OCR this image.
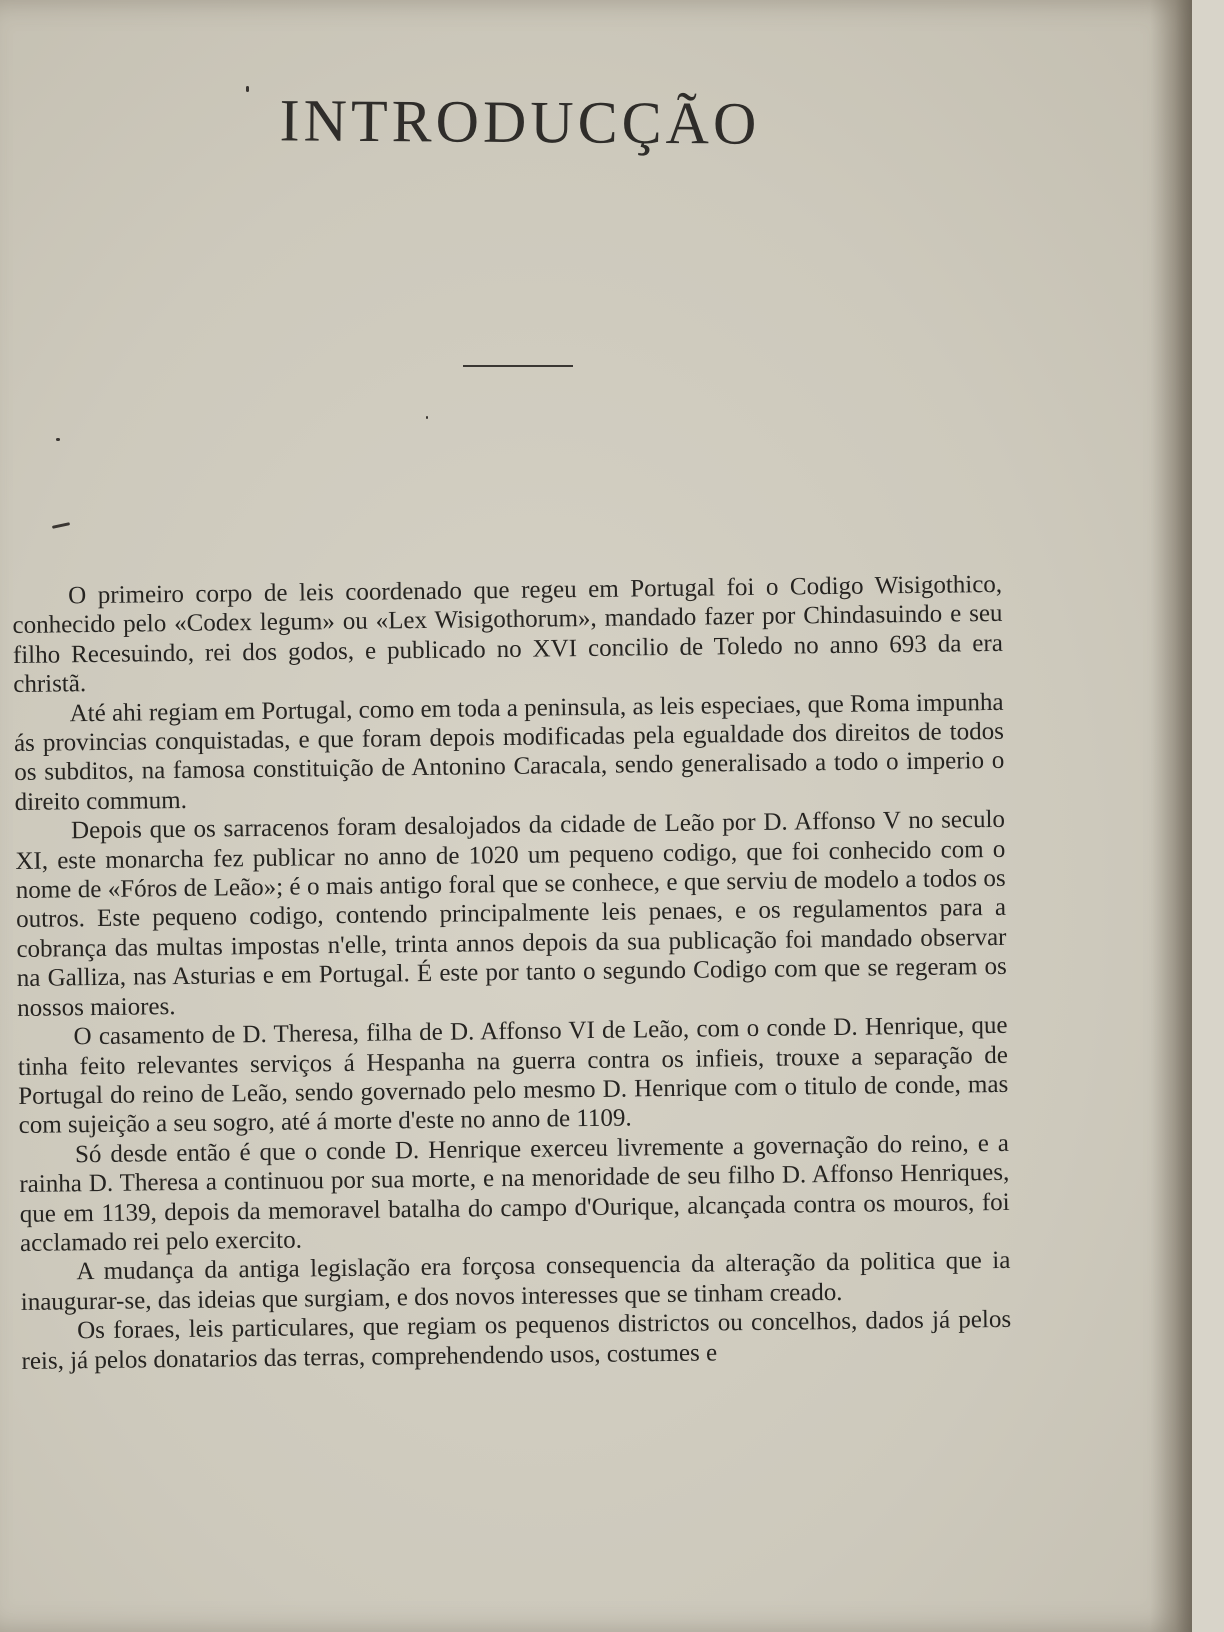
INTRODUCÇÃO

O primeiro corpo de leis coordenado que regeu em Portugal foi o Codigo Wisigothico, conhecido pelo «Codex legum» ou «Lex Wisigothorum», mandado fazer por Chindasuindo e seu filho Recesuindo, rei dos godos, e publicado no XVI concilio de Toledo no anno 693 da era christã.

Até ahi regiam em Portugal, como em toda a peninsula, as leis especiaes, que Roma impunha ás provincias conquistadas, e que foram depois modificadas pela egualdade dos direitos de todos os subditos, na famosa constituição de Antonino Caracala, sendo generalisado a todo o imperio o direito commum.

Depois que os sarracenos foram desalojados da cidade de Leão por D. Affonso V no seculo XI, este monarcha fez publicar no anno de 1020 um pequeno codigo, que foi conhecido com o nome de «Fóros de Leão»; é o mais antigo foral que se conhece, e que serviu de modelo a todos os outros. Este pequeno codigo, contendo principalmente leis penaes, e os regulamentos para a cobrança das multas impostas n'elle, trinta annos depois da sua publicação foi mandado observar na Galliza, nas Asturias e em Portugal. É este por tanto o segundo Codigo com que se regeram os nossos maiores.

O casamento de D. Theresa, filha de D. Affonso VI de Leão, com o conde D. Henrique, que tinha feito relevantes serviços á Hespanha na guerra contra os infieis, trouxe a separação de Portugal do reino de Leão, sendo governado pelo mesmo D. Henrique com o titulo de conde, mas com sujeição a seu sogro, até á morte d'este no anno de 1109.

Só desde então é que o conde D. Henrique exerceu livremente a governação do reino, e a rainha D. Theresa a continuou por sua morte, e na menoridade de seu filho D. Affonso Henriques, que em 1139, depois da memoravel batalha do campo d'Ourique, alcançada contra os mouros, foi acclamado rei pelo exercito.

A mudança da antiga legislação era forçosa consequencia da alteração da politica que ia inaugurar-se, das ideias que surgiam, e dos novos interesses que se tinham creado.

Os foraes, leis particulares, que regiam os pequenos districtos ou concelhos, dados já pelos reis, já pelos donatarios das terras, comprehendendo usos, costumes e
